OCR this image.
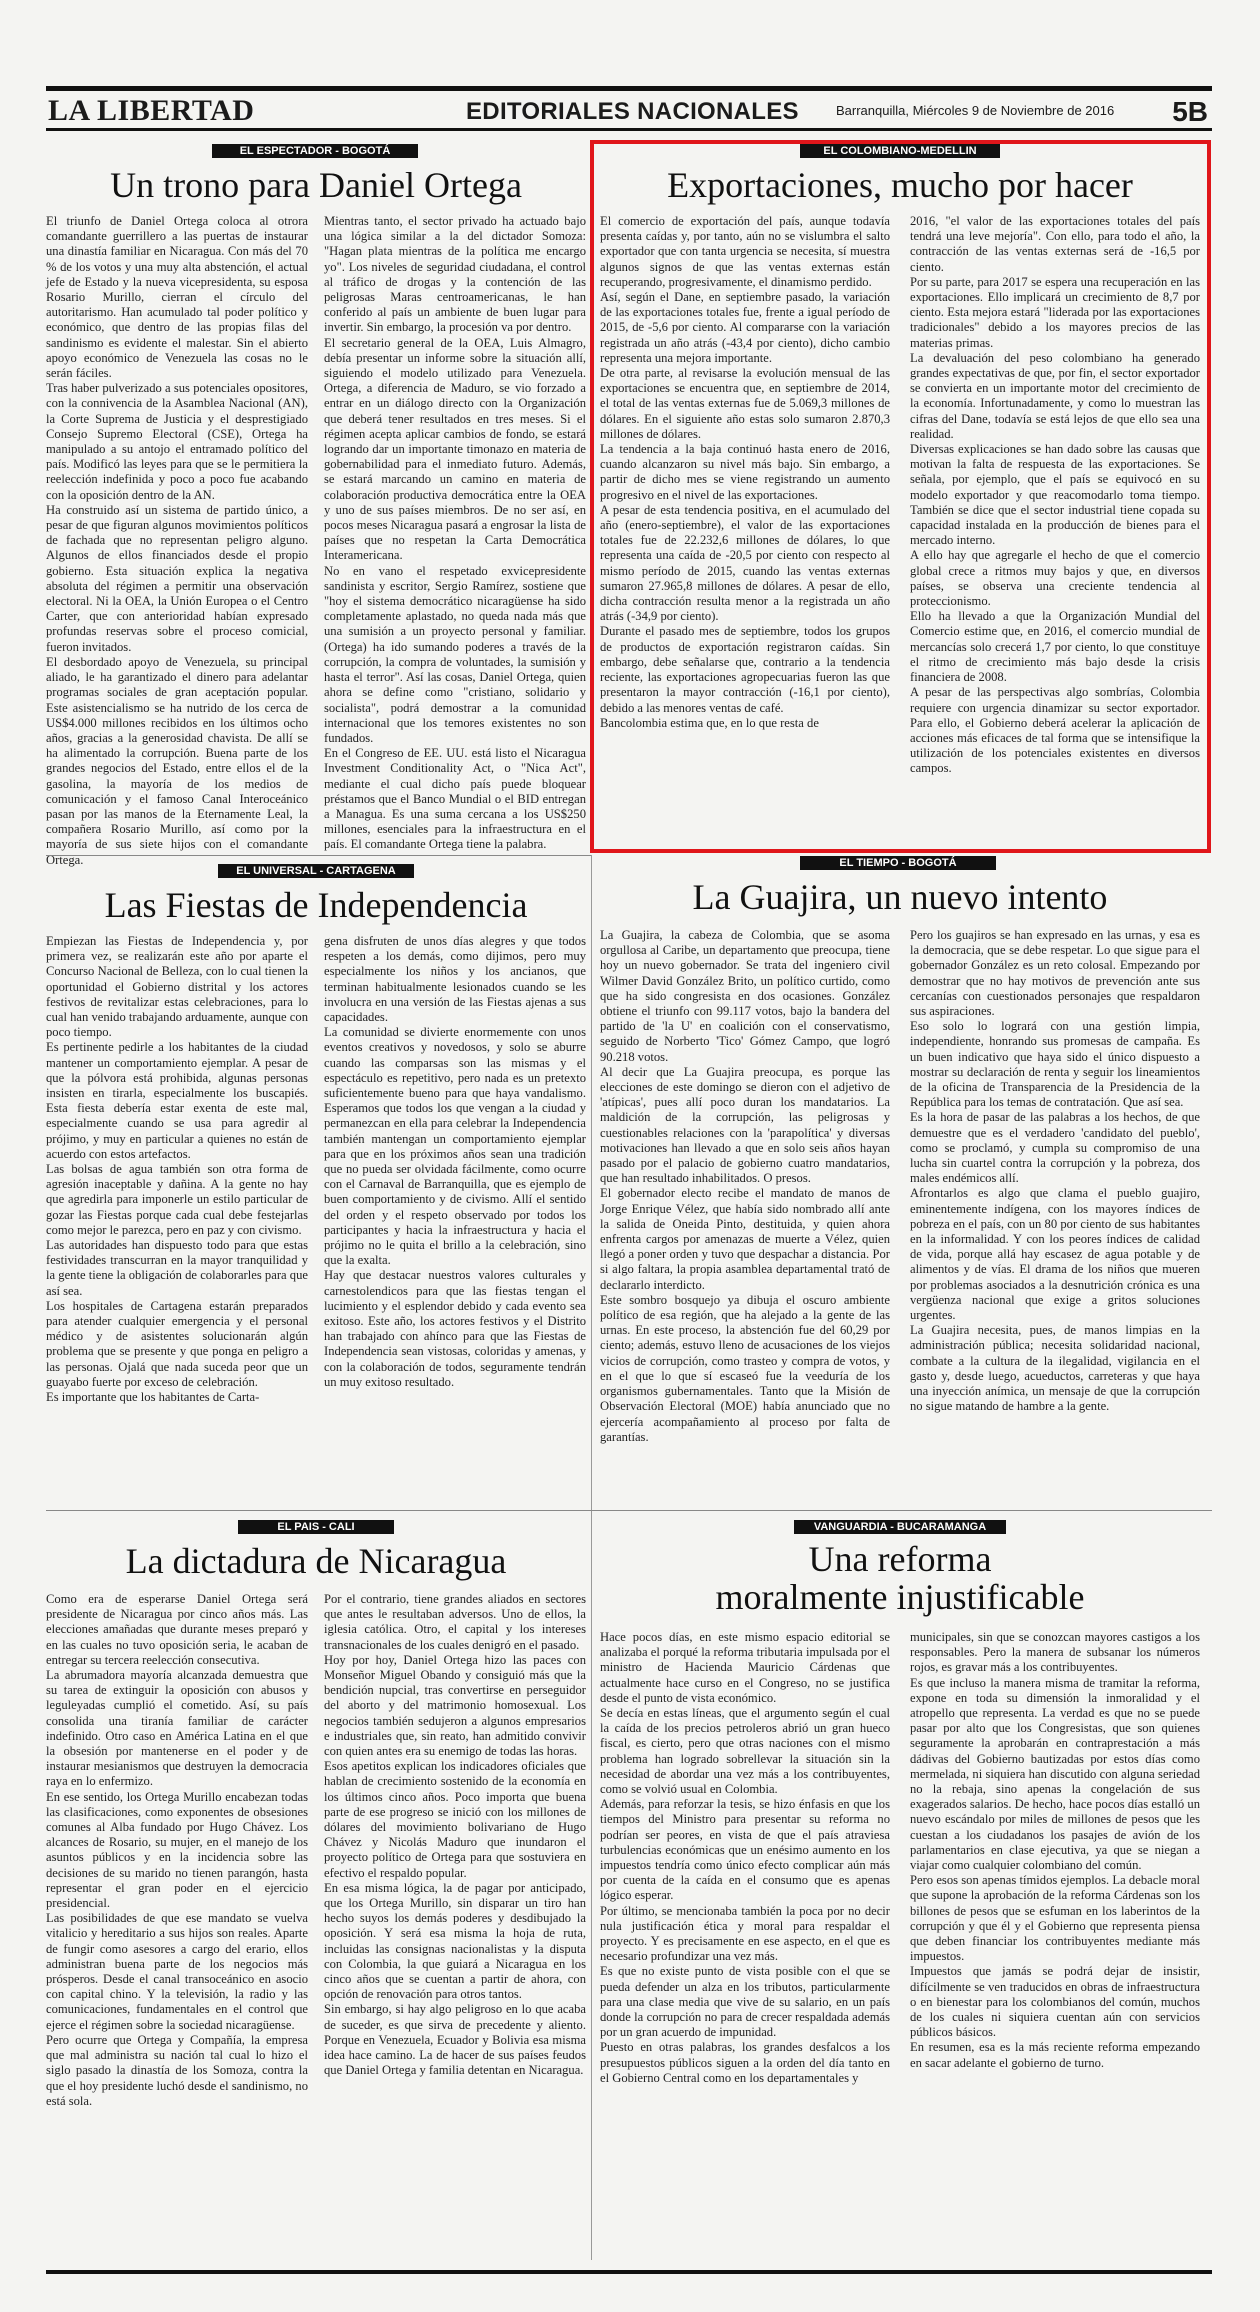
LA LIBERTAD	EDITORIALES NACIONALES	Barranquilla, Miércoles 9 de Noviembre de 2016 5B
EL ESPECTADOR - BOGOTÁ
Un trono para Daniel Ortega

El triunfo de Daniel Ortega coloca al otrora comandante guerrillero a las puertas de instaurar una dinastía familiar en Nicaragua. Con más del 70 % de los votos y una muy alta abstención, el actual jefe de Estado y la nueva vicepresidenta, su esposa Rosario Murillo, cierran el círculo del autoritarismo. Han acumulado tal poder político y económico, que dentro de las propias filas del sandinismo es evidente el malestar. Sin el abierto apoyo económico de Venezuela las cosas no le serán fáciles.

Tras haber pulverizado a sus potenciales opositores, con la connivencia de la Asamblea Nacional (AN), la Corte Suprema de Justicia y el desprestigiado Consejo Supremo Electoral (CSE), Ortega ha manipulado a su antojo el entramado político del país. Modificó las leyes para que se le permitiera la reelección indefinida y poco a poco fue acabando con la oposición dentro de la AN.

Ha construido así un sistema de partido único, a pesar de que figuran algunos movimientos políticos de fachada que no representan peligro alguno. Algunos de ellos financiados desde el propio gobierno. Esta situación explica la negativa absoluta del régimen a permitir una observación electoral. Ni la OEA, la Unión Europea o el Centro Carter, que con anterioridad habían expresado profundas reservas sobre el proceso comicial, fueron invitados.

El desbordado apoyo de Venezuela, su principal aliado, le ha garantizado el dinero para adelantar programas sociales de gran aceptación popular. Este asistencialismo se ha nutrido de los cerca de US$4.000 millones recibidos en los últimos ocho años, gracias a la generosidad chavista. De allí se ha alimentado la corrupción. Buena parte de los grandes negocios del Estado, entre ellos el de la gasolina, la mayoría de los medios de comunicación y el famoso Canal Interoceánico pasan por las manos de la Eternamente Leal, la compañera Rosario Murillo, así como por la mayoría de sus siete hijos con el comandante Ortega.

Mientras tanto, el sector privado ha actuado bajo una lógica similar a la del dictador Somoza: "Hagan plata mientras de la política me encargo yo". Los niveles de seguridad ciudadana, el control al tráfico de drogas y la contención de las peligrosas Maras centroamericanas, le han conferido al país un ambiente de buen lugar para invertir. Sin embargo, la procesión va por dentro.

El secretario general de la OEA, Luis Almagro, debía presentar un informe sobre la situación allí, siguiendo el modelo utilizado para Venezuela. Ortega, a diferencia de Maduro, se vio forzado a entrar en un diálogo directo con la Organización que deberá tener resultados en tres meses. Si el régimen acepta aplicar cambios de fondo, se estará logrando dar un importante timonazo en materia de gobernabilidad para el inmediato futuro. Además, se estará marcando un camino en materia de colaboración productiva democrática entre la OEA y uno de sus países miembros. De no ser así, en pocos meses Nicaragua pasará a engrosar la lista de países que no respetan la Carta Democrática Interamericana.

No en vano el respetado exvicepresidente sandinista y escritor, Sergio Ramírez, sostiene que "hoy el sistema democrático nicaragüense ha sido completamente aplastado, no queda nada más que una sumisión a un proyecto personal y familiar. (Ortega) ha ido sumando poderes a través de la corrupción, la compra de voluntades, la sumisión y hasta el terror". Así las cosas, Daniel Ortega, quien ahora se define como "cristiano, solidario y socialista", podrá demostrar a la comunidad internacional que los temores existentes no son fundados.

En el Congreso de EE. UU. está listo el Nicaragua Investment Conditionality Act, o "Nica Act", mediante el cual dicho país puede bloquear préstamos que el Banco Mundial o el BID entregan a Managua. Es una suma cercana a los US$250 millones, esenciales para la infraestructura en el país. El comandante Ortega tiene la palabra.

EL COLOMBIANO-MEDELLIN
Exportaciones, mucho por hacer

El comercio de exportación del país, aunque todavía presenta caídas y, por tanto, aún no se vislumbra el salto exportador que con tanta urgencia se necesita, sí muestra algunos signos de que las ventas externas están recuperando, progresivamente, el dinamismo perdido.

Así, según el Dane, en septiembre pasado, la variación de las exportaciones totales fue, frente a igual período de 2015, de -5,6 por ciento. Al compararse con la variación registrada un año atrás (-43,4 por ciento), dicho cambio representa una mejora importante.

De otra parte, al revisarse la evolución mensual de las exportaciones se encuentra que, en septiembre de 2014, el total de las ventas externas fue de 5.069,3 millones de dólares. En el siguiente año estas solo sumaron 2.870,3 millones de dólares.

La tendencia a la baja continuó hasta enero de 2016, cuando alcanzaron su nivel más bajo. Sin embargo, a partir de dicho mes se viene registrando un aumento progresivo en el nivel de las exportaciones.

A pesar de esta tendencia positiva, en el acumulado del año (enero-septiembre), el valor de las exportaciones totales fue de 22.232,6 millones de dólares, lo que representa una caída de -20,5 por ciento con respecto al mismo período de 2015, cuando las ventas externas sumaron 27.965,8 millones de dólares. A pesar de ello, dicha contracción resulta menor a la registrada un año atrás (-34,9 por ciento).

Durante el pasado mes de septiembre, todos los grupos de productos de exportación registraron caídas. Sin embargo, debe señalarse que, contrario a la tendencia reciente, las exportaciones agropecuarias fueron las que presentaron la mayor contracción (-16,1 por ciento), debido a las menores ventas de café.

Bancolombia estima que, en lo que resta de

2016, "el valor de las exportaciones totales del país tendrá una leve mejoría". Con ello, para todo el año, la contracción de las ventas externas será de -16,5 por ciento.

Por su parte, para 2017 se espera una recuperación en las exportaciones. Ello implicará un crecimiento de 8,7 por ciento. Esta mejora estará "liderada por las exportaciones tradicionales" debido a los mayores precios de las materias primas.

La devaluación del peso colombiano ha generado grandes expectativas de que, por fin, el sector exportador se convierta en un importante motor del crecimiento de la economía. Infortunadamente, y como lo muestran las cifras del Dane, todavía se está lejos de que ello sea una realidad.

Diversas explicaciones se han dado sobre las causas que motivan la falta de respuesta de las exportaciones. Se señala, por ejemplo, que el país se equivocó en su modelo exportador y que reacomodarlo toma tiempo. También se dice que el sector industrial tiene copada su capacidad instalada en la producción de bienes para el mercado interno.

A ello hay que agregarle el hecho de que el comercio global crece a ritmos muy bajos y que, en diversos países, se observa una creciente tendencia al proteccionismo.

Ello ha llevado a que la Organización Mundial del Comercio estime que, en 2016, el comercio mundial de mercancías solo crecerá 1,7 por ciento, lo que constituye el ritmo de crecimiento más bajo desde la crisis financiera de 2008.

A pesar de las perspectivas algo sombrías, Colombia requiere con urgencia dinamizar su sector exportador. Para ello, el Gobierno deberá acelerar la aplicación de acciones más eficaces de tal forma que se intensifique la utilización de los potenciales existentes en diversos campos.

EL UNIVERSAL - CARTAGENA
Las Fiestas de Independencia

Empiezan las Fiestas de Independencia y, por primera vez, se realizarán este año por aparte el Concurso Nacional de Belleza, con lo cual tienen la oportunidad el Gobierno distrital y los actores festivos de revitalizar estas celebraciones, para lo cual han venido trabajando arduamente, aunque con poco tiempo.

Es pertinente pedirle a los habitantes de la ciudad mantener un comportamiento ejemplar. A pesar de que la pólvora está prohibida, algunas personas insisten en tirarla, especialmente los buscapiés. Esta fiesta debería estar exenta de este mal, especialmente cuando se usa para agredir al prójimo, y muy en particular a quienes no están de acuerdo con estos artefactos.

Las bolsas de agua también son otra forma de agresión inaceptable y dañina. A la gente no hay que agredirla para imponerle un estilo particular de gozar las Fiestas porque cada cual debe festejarlas como mejor le parezca, pero en paz y con civismo.

Las autoridades han dispuesto todo para que estas festividades transcurran en la mayor tranquilidad y la gente tiene la obligación de colaborarles para que así sea.

Los hospitales de Cartagena estarán preparados para atender cualquier emergencia y el personal médico y de asistentes solucionarán algún problema que se presente y que ponga en peligro a las personas. Ojalá que nada suceda peor que un guayabo fuerte por exceso de celebración.

Es importante que los habitantes de Carta-

gena disfruten de unos días alegres y que todos respeten a los demás, como dijimos, pero muy especialmente los niños y los ancianos, que terminan habitualmente lesionados cuando se les involucra en una versión de las Fiestas ajenas a sus capacidades.

La comunidad se divierte enormemente con unos eventos creativos y novedosos, y solo se aburre cuando las comparsas son las mismas y el espectáculo es repetitivo, pero nada es un pretexto suficientemente bueno para que haya vandalismo. Esperamos que todos los que vengan a la ciudad y permanezcan en ella para celebrar la Independencia también mantengan un comportamiento ejemplar para que en los próximos años sean una tradición que no pueda ser olvidada fácilmente, como ocurre con el Carnaval de Barranquilla, que es ejemplo de buen comportamiento y de civismo. Allí el sentido del orden y el respeto observado por todos los participantes y hacia la infraestructura y hacia el prójimo no le quita el brillo a la celebración, sino que la exalta.

Hay que destacar nuestros valores culturales y carnestolendicos para que las fiestas tengan el lucimiento y el esplendor debido y cada evento sea exitoso. Este año, los actores festivos y el Distrito han trabajado con ahínco para que las Fiestas de Independencia sean vistosas, coloridas y amenas, y con la colaboración de todos, seguramente tendrán un muy exitoso resultado.

EL TIEMPO - BOGOTÁ
La Guajira, un nuevo intento

La Guajira, la cabeza de Colombia, que se asoma orgullosa al Caribe, un departamento que preocupa, tiene hoy un nuevo gobernador. Se trata del ingeniero civil Wilmer David González Brito, un político curtido, como que ha sido congresista en dos ocasiones. González obtiene el triunfo con 99.117 votos, bajo la bandera del partido de 'la U' en coalición con el conservatismo, seguido de Norberto 'Tico' Gómez Campo, que logró 90.218 votos.

Al decir que La Guajira preocupa, es porque las elecciones de este domingo se dieron con el adjetivo de 'atípicas', pues allí poco duran los mandatarios. La maldición de la corrupción, las peligrosas y cuestionables relaciones con la 'parapolítica' y diversas motivaciones han llevado a que en solo seis años hayan pasado por el palacio de gobierno cuatro mandatarios, que han resultado inhabilitados. O presos.

El gobernador electo recibe el mandato de manos de Jorge Enrique Vélez, que había sido nombrado allí ante la salida de Oneida Pinto, destituida, y quien ahora enfrenta cargos por amenazas de muerte a Vélez, quien llegó a poner orden y tuvo que despachar a distancia. Por si algo faltara, la propia asamblea departamental trató de declararlo interdicto.

Este sombro bosquejo ya dibuja el oscuro ambiente político de esa región, que ha alejado a la gente de las urnas. En este proceso, la abstención fue del 60,29 por ciento; además, estuvo lleno de acusaciones de los viejos vicios de corrupción, como trasteo y compra de votos, y en el que lo que sí escaseó fue la veeduría de los organismos gubernamentales. Tanto que la Misión de Observación Electoral (MOE) había anunciado que no ejercería acompañamiento al proceso por falta de garantías.

Pero los guajiros se han expresado en las urnas, y esa es la democracia, que se debe respetar. Lo que sigue para el gobernador González es un reto colosal. Empezando por demostrar que no hay motivos de prevención ante sus cercanías con cuestionados personajes que respaldaron sus aspiraciones.

Eso solo lo logrará con una gestión limpia, independiente, honrando sus promesas de campaña. Es un buen indicativo que haya sido el único dispuesto a mostrar su declaración de renta y seguir los lineamientos de la oficina de Transparencia de la Presidencia de la República para los temas de contratación. Que así sea.

Es la hora de pasar de las palabras a los hechos, de que demuestre que es el verdadero 'candidato del pueblo', como se proclamó, y cumpla su compromiso de una lucha sin cuartel contra la corrupción y la pobreza, dos males endémicos allí.

Afrontarlos es algo que clama el pueblo guajiro, eminentemente indígena, con los mayores índices de pobreza en el país, con un 80 por ciento de sus habitantes en la informalidad. Y con los peores índices de calidad de vida, porque allá hay escasez de agua potable y de alimentos y de vías. El drama de los niños que mueren por problemas asociados a la desnutrición crónica es una vergüenza nacional que exige a gritos soluciones urgentes.

La Guajira necesita, pues, de manos limpias en la administración pública; necesita solidaridad nacional, combate a la cultura de la ilegalidad, vigilancia en el gasto y, desde luego, acueductos, carreteras y que haya una inyección anímica, un mensaje de que la corrupción no sigue matando de hambre a la gente.

EL PAIS - CALI
La dictadura de Nicaragua

Como era de esperarse Daniel Ortega será presidente de Nicaragua por cinco años más. Las elecciones amañadas que durante meses preparó y en las cuales no tuvo oposición seria, le acaban de entregar su tercera reelección consecutiva.

La abrumadora mayoría alcanzada demuestra que su tarea de extinguir la oposición con abusos y leguleyadas cumplió el cometido. Así, su país consolida una tiranía familiar de carácter indefinido. Otro caso en América Latina en el que la obsesión por mantenerse en el poder y de instaurar mesianismos que destruyen la democracia raya en lo enfermizo.

En ese sentido, los Ortega Murillo encabezan todas las clasificaciones, como exponentes de obsesiones comunes al Alba fundado por Hugo Chávez. Los alcances de Rosario, su mujer, en el manejo de los asuntos públicos y en la incidencia sobre las decisiones de su marido no tienen parangón, hasta representar el gran poder en el ejercicio presidencial.

Las posibilidades de que ese mandato se vuelva vitalicio y hereditario a sus hijos son reales. Aparte de fungir como asesores a cargo del erario, ellos administran buena parte de los negocios más prósperos. Desde el canal transoceánico en asocio con capital chino. Y la televisión, la radio y las comunicaciones, fundamentales en el control que ejerce el régimen sobre la sociedad nicaragüense.

Pero ocurre que Ortega y Compañía, la empresa que mal administra su nación tal cual lo hizo el siglo pasado la dinastía de los Somoza, contra la que el hoy presidente luchó desde el sandinismo, no está sola.

Por el contrario, tiene grandes aliados en sectores que antes le resultaban adversos. Uno de ellos, la iglesia católica. Otro, el capital y los intereses transnacionales de los cuales denigró en el pasado.

Hoy por hoy, Daniel Ortega hizo las paces con Monseñor Miguel Obando y consiguió más que la bendición nupcial, tras convertirse en perseguidor del aborto y del matrimonio homosexual. Los negocios también sedujeron a algunos empresarios e industriales que, sin reato, han admitido convivir con quien antes era su enemigo de todas las horas.

Esos apetitos explican los indicadores oficiales que hablan de crecimiento sostenido de la economía en los últimos cinco años. Poco importa que buena parte de ese progreso se inició con los millones de dólares del movimiento bolivariano de Hugo Chávez y Nicolás Maduro que inundaron el proyecto político de Ortega para que sostuviera en efectivo el respaldo popular.

En esa misma lógica, la de pagar por anticipado, que los Ortega Murillo, sin disparar un tiro han hecho suyos los demás poderes y desdibujado la oposición. Y será esa misma la hoja de ruta, incluidas las consignas nacionalistas y la disputa con Colombia, la que guiará a Nicaragua en los cinco años que se cuentan a partir de ahora, con opción de renovación para otros tantos.

Sin embargo, si hay algo peligroso en lo que acaba de suceder, es que sirva de precedente y aliento. Porque en Venezuela, Ecuador y Bolivia esa misma idea hace camino. La de hacer de sus países feudos que Daniel Ortega y familia detentan en Nicaragua.

VANGUARDIA - BUCARAMANGA
Una reforma
moralmente injustificable

Hace pocos días, en este mismo espacio editorial se analizaba el porqué la reforma tributaria impulsada por el ministro de Hacienda Mauricio Cárdenas que actualmente hace curso en el Congreso, no se justifica desde el punto de vista económico.

Se decía en estas líneas, que el argumento según el cual la caída de los precios petroleros abrió un gran hueco fiscal, es cierto, pero que otras naciones con el mismo problema han logrado sobrellevar la situación sin la necesidad de abordar una vez más a los contribuyentes, como se volvió usual en Colombia.

Además, para reforzar la tesis, se hizo énfasis en que los tiempos del Ministro para presentar su reforma no podrían ser peores, en vista de que el país atraviesa turbulencias económicas que un enésimo aumento en los impuestos tendría como único efecto complicar aún más por cuenta de la caída en el consumo que es apenas lógico esperar.

Por último, se mencionaba también la poca por no decir nula justificación ética y moral para respaldar el proyecto. Y es precisamente en ese aspecto, en el que es necesario profundizar una vez más.

Es que no existe punto de vista posible con el que se pueda defender un alza en los tributos, particularmente para una clase media que vive de su salario, en un país donde la corrupción no para de crecer respaldada además por un gran acuerdo de impunidad.

Puesto en otras palabras, los grandes desfalcos a los presupuestos públicos siguen a la orden del día tanto en el Gobierno Central como en los departamentales y

municipales, sin que se conozcan mayores castigos a los responsables. Pero la manera de subsanar los números rojos, es gravar más a los contribuyentes.

Es que incluso la manera misma de tramitar la reforma, expone en toda su dimensión la inmoralidad y el atropello que representa. La verdad es que no se puede pasar por alto que los Congresistas, que son quienes seguramente la aprobarán en contraprestación a más dádivas del Gobierno bautizadas por estos días como mermelada, ni siquiera han discutido con alguna seriedad no la rebaja, sino apenas la congelación de sus exagerados salarios. De hecho, hace pocos días estalló un nuevo escándalo por miles de millones de pesos que les cuestan a los ciudadanos los pasajes de avión de los parlamentarios en clase ejecutiva, ya que se niegan a viajar como cualquier colombiano del común.

Pero esos son apenas tímidos ejemplos. La debacle moral que supone la aprobación de la reforma Cárdenas son los billones de pesos que se esfuman en los laberintos de la corrupción y que él y el Gobierno que representa piensa que deben financiar los contribuyentes mediante más impuestos.

Impuestos que jamás se podrá dejar de insistir, difícilmente se ven traducidos en obras de infraestructura o en bienestar para los colombianos del común, muchos de los cuales ni siquiera cuentan aún con servicios públicos básicos.

En resumen, esa es la más reciente reforma empezando en sacar adelante el gobierno de turno.
